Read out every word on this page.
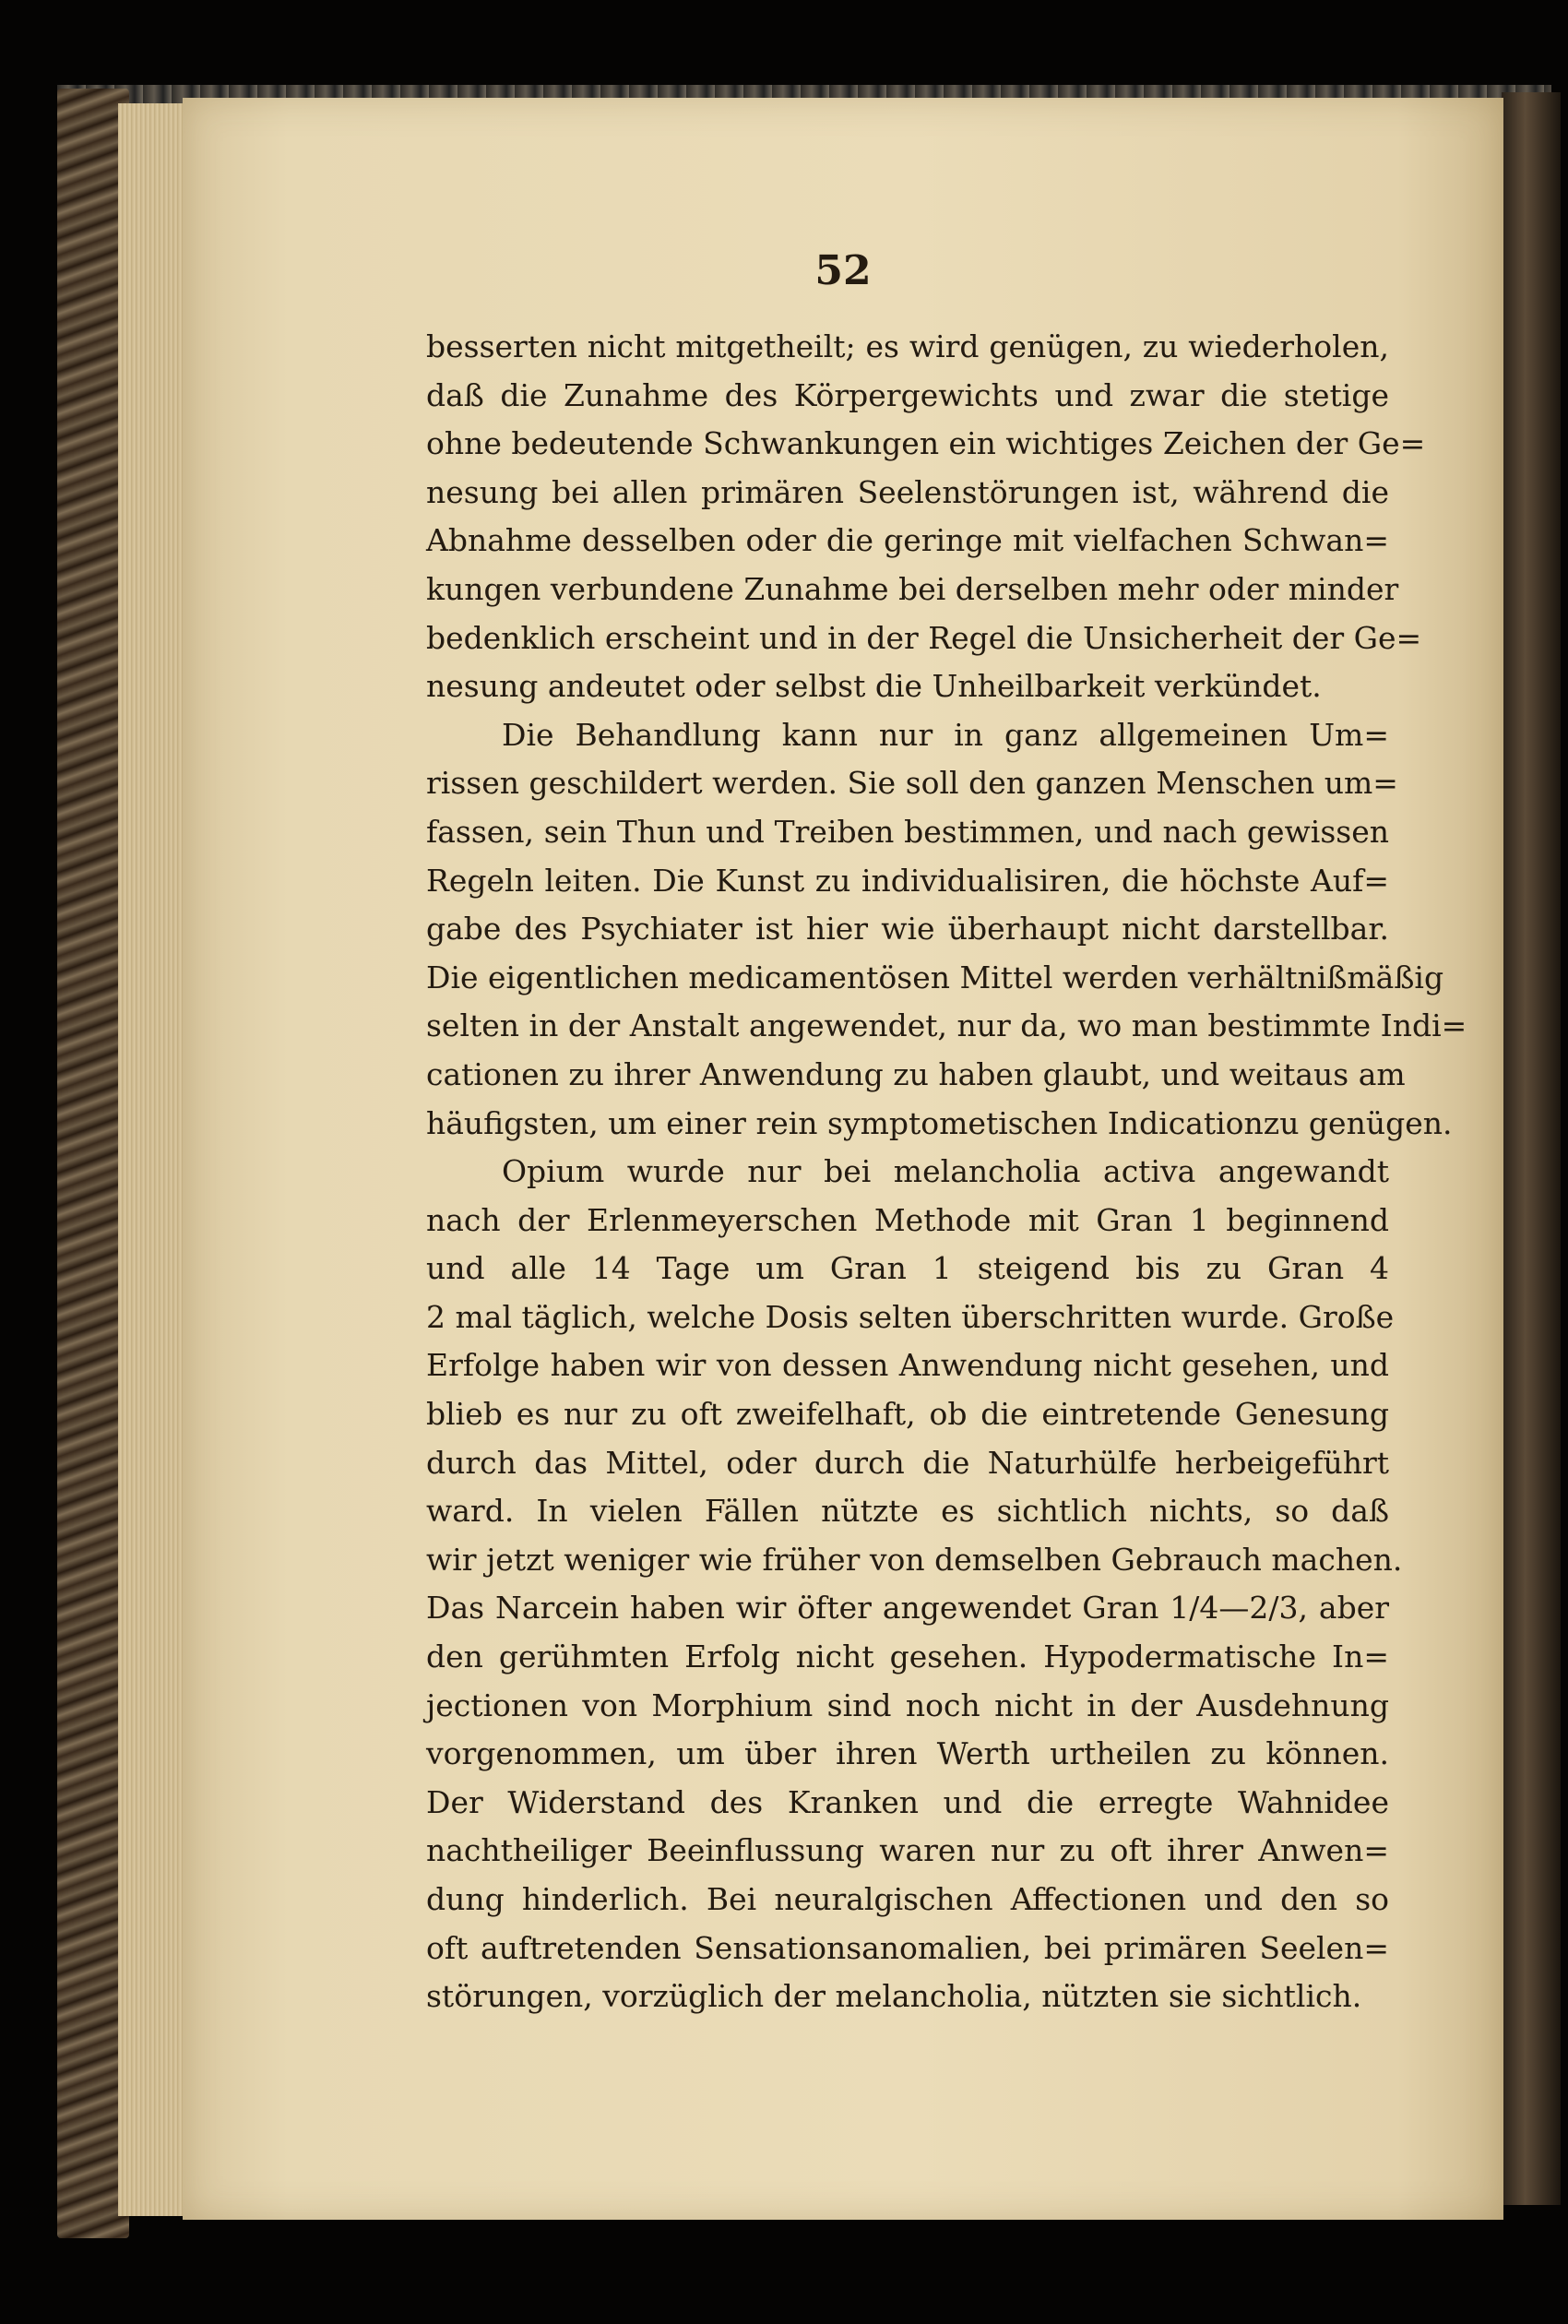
52
besserten nicht mitgetheilt; es wird genügen, zu wiederholen,
daß die Zunahme des Körpergewichts und zwar die stetige
ohne bedeutende Schwankungen ein wichtiges Zeichen der Ge=
nesung bei allen primären Seelenstörungen ist, während die
Abnahme desselben oder die geringe mit vielfachen Schwan=
kungen verbundene Zunahme bei derselben mehr oder minder
bedenklich erscheint und in der Regel die Unsicherheit der Ge=
nesung andeutet oder selbst die Unheilbarkeit verkündet.
Die Behandlung kann nur in ganz allgemeinen Um=
rissen geschildert werden. Sie soll den ganzen Menschen um=
fassen, sein Thun und Treiben bestimmen, und nach gewissen
Regeln leiten. Die Kunst zu individualisiren, die höchste Auf=
gabe des Psychiater ist hier wie überhaupt nicht darstellbar.
Die eigentlichen medicamentösen Mittel werden verhältnißmäßig
selten in der Anstalt angewendet, nur da, wo man bestimmte Indi=
cationen zu ihrer Anwendung zu haben glaubt, und weitaus am
häufigsten, um einer rein symptometischen Indicationzu genügen.
Opium wurde nur bei melancholia activa angewandt
nach der Erlenmeyerschen Methode mit Gran 1 beginnend
und alle 14 Tage um Gran 1 steigend bis zu Gran 4
2 mal täglich, welche Dosis selten überschritten wurde. Große
Erfolge haben wir von dessen Anwendung nicht gesehen, und
blieb es nur zu oft zweifelhaft, ob die eintretende Genesung
durch das Mittel, oder durch die Naturhülfe herbeigeführt
ward. In vielen Fällen nützte es sichtlich nichts, so daß
wir jetzt weniger wie früher von demselben Gebrauch machen.
Das Narcein haben wir öfter angewendet Gran 1/4—2/3, aber
den gerühmten Erfolg nicht gesehen. Hypodermatische In=
jectionen von Morphium sind noch nicht in der Ausdehnung
vorgenommen, um über ihren Werth urtheilen zu können.
Der Widerstand des Kranken und die erregte Wahnidee
nachtheiliger Beeinflussung waren nur zu oft ihrer Anwen=
dung hinderlich. Bei neuralgischen Affectionen und den so
oft auftretenden Sensationsanomalien, bei primären Seelen=
störungen, vorzüglich der melancholia, nützten sie sichtlich.
